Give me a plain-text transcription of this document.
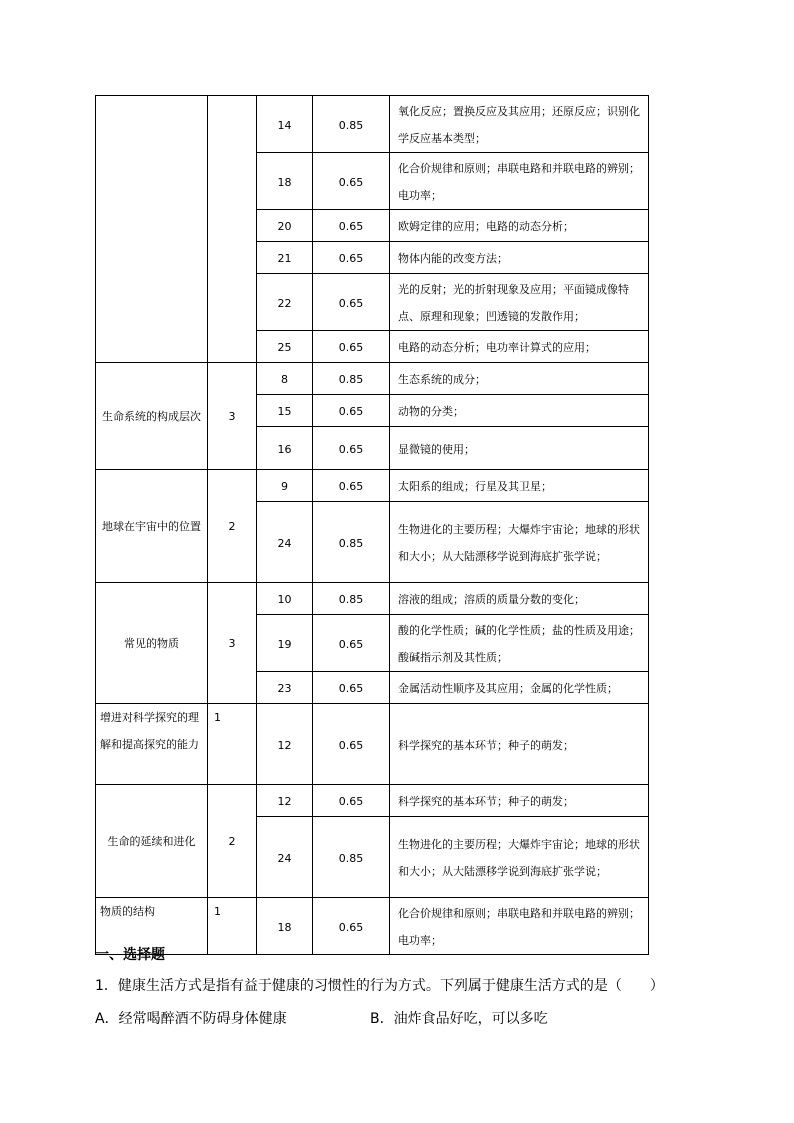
		14	0.85	氧化反应；置换反应及其应用；还原反应；识别化学反应基本类型；
		18	0.65	化合价规律和原则；串联电路和并联电路的辨别；电功率；
		20	0.65	欧姆定律的应用；电路的动态分析；
		21	0.65	物体内能的改变方法；
		22	0.65	光的反射；光的折射现象及应用；平面镜成像特点、原理和现象；凹透镜的发散作用；
		25	0.65	电路的动态分析；电功率计算式的应用；
生命系统的构成层次	3	8	0.85	生态系统的成分；
		15	0.65	动物的分类；
		16	0.65	显微镜的使用；
地球在宇宙中的位置	2	9	0.65	太阳系的组成；行星及其卫星；
		24	0.85	生物进化的主要历程；大爆炸宇宙论；地球的形状和大小；从大陆漂移学说到海底扩张学说；
常见的物质	3	10	0.85	溶液的组成；溶质的质量分数的变化；
		19	0.65	酸的化学性质；碱的化学性质；盐的性质及用途；酸碱指示剂及其性质；
		23	0.65	金属活动性顺序及其应用；金属的化学性质；
增进对科学探究的理解和提高探究的能力	1	12	0.65	科学探究的基本环节；种子的萌发；
生命的延续和进化	2	12	0.65	科学探究的基本环节；种子的萌发；
		24	0.85	生物进化的主要历程；大爆炸宇宙论；地球的形状和大小；从大陆漂移学说到海底扩张学说；
物质的结构	1	18	0.65	化合价规律和原则；串联电路和并联电路的辨别；电功率；

一、选择题

1．健康生活方式是指有益于健康的习惯性的行为方式。下列属于健康生活方式的是（　　）

A．经常喝醉酒不防碍身体健康	B．油炸食品好吃，可以多吃
